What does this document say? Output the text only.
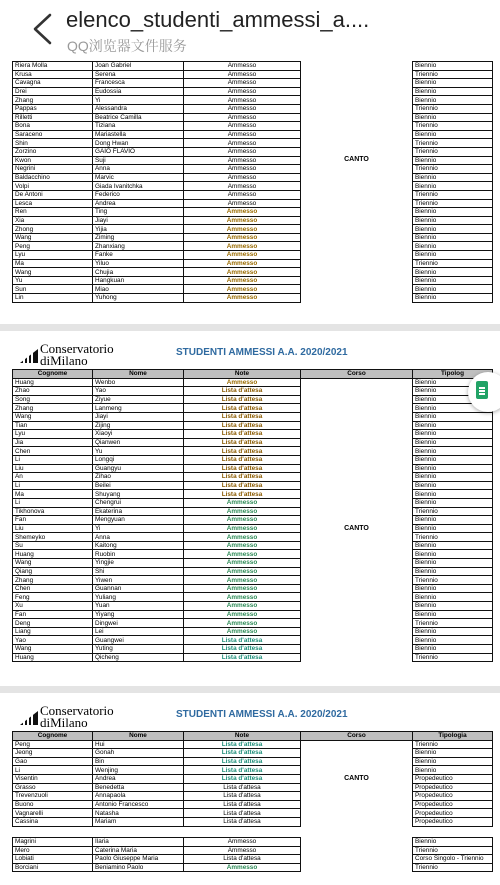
elenco_studenti_ammessi_a....
QQ浏览器文件服务
Riera Molla	Joan Gabriel	Ammesso	CANTO	Biennio
Krusa	Serena	Ammesso		Triennio
Cavagna	Francesca	Ammesso		Biennio
Drei	Eudossia	Ammesso		Biennio
Zhang	Yi	Ammesso		Biennio
Pappas	Alessandra	Ammesso		Triennio
Rilletti	Beatrice Camilla	Ammesso		Biennio
Bona	Tiziana	Ammesso		Triennio
Saraceno	Mariastella	Ammesso		Biennio
Shin	Dong Hwan	Ammesso		Triennio
Zorzino	GAIO FLAVIO	Ammesso		Triennio
Kwon	Suji	Ammesso		Biennio
Negrini	Anna	Ammesso		Triennio
Baldacchino	Marvic	Ammesso		Biennio
Volpi	Giada Ivanitchka	Ammesso		Biennio
De Antoni	Federico	Ammesso		Triennio
Lesca	Andrea	Ammesso		Triennio
Ren	Ting	Ammesso		Biennio
Xia	Jiayi	Ammesso		Biennio
Zhong	Yijia	Ammesso		Biennio
Wang	Ziming	Ammesso		Biennio
Peng	Zhanxiang	Ammesso		Biennio
Lyu	Fanke	Ammesso		Biennio
Ma	Yiluo	Ammesso		Triennio
Wang	Chujia	Ammesso		Biennio
Yu	Hangkuan	Ammesso		Biennio
Sun	Miao	Ammesso		Biennio
Lin	Yuhong	Ammesso		Biennio
Conservatorio
diMilano
STUDENTI AMMESSI A.A. 2020/2021
Cognome	Nome	Note	Corso	Tipolog
Huang	Wenbo	Ammesso	CANTO	Biennio
Zhao	Yao	Lista d'attesa		Biennio
Song	Ziyue	Lista d'attesa		Biennio
Zhang	Lanmeng	Lista d'attesa		Biennio
Wang	Jiayi	Lista d'attesa		Biennio
Tian	Zijing	Lista d'attesa		Biennio
Lyu	Xiaoyi	Lista d'attesa		Biennio
Jia	Qianwen	Lista d'attesa		Biennio
Chen	Yu	Lista d'attesa		Biennio
Li	Longqi	Lista d'attesa		Biennio
Liu	Guangyu	Lista d'attesa		Biennio
An	Zihao	Lista d'attesa		Biennio
Li	Beilei	Lista d'attesa		Biennio
Ma	Shuyang	Lista d'attesa		Biennio
Li	Chengrui	Ammesso		Biennio
Tikhonova	Ekaterina	Ammesso		Triennio
Fan	Mengyuan	Ammesso		Biennio
Liu	Yi	Ammesso		Biennio
Shemeyko	Anna	Ammesso		Triennio
Su	Kaitong	Ammesso		Biennio
Huang	Ruobin	Ammesso		Biennio
Wang	Yingjie	Ammesso		Biennio
Qiang	Shi	Ammesso		Biennio
Zhang	Yiwen	Ammesso		Triennio
Chen	Guannan	Ammesso		Biennio
Feng	Yuliang	Ammesso		Biennio
Xu	Yuan	Ammesso		Biennio
Fan	Yiyang	Ammesso		Biennio
Deng	Dingwei	Ammesso		Triennio
Liang	Lei	Ammesso		Biennio
Yao	Guangwei	Lista d'attesa		Biennio
Wang	Yuting	Lista d'attesa		Biennio
Huang	Qicheng	Lista d'attesa		Triennio
Conservatorio
diMilano
STUDENTI AMMESSI A.A. 2020/2021
Cognome	Nome	Note	Corso	Tipologia
Peng	Hui	Lista d'attesa	CANTO	Triennio
Jeong	Gonah	Lista d'attesa		Biennio
Gao	Bin	Lista d'attesa		Biennio
Li	Wenjing	Lista d'attesa		Biennio
Visentin	Andrea	Lista d'attesa		Propedeutico
Grasso	Benedetta	Lista d'attesa		Propedeutico
Trevenzuoli	Annapaola	Lista d'attesa		Propedeutico
Buono	Antonio Francesco	Lista d'attesa		Propedeutico
Vagnarelli	Natasha	Lista d'attesa		Propedeutico
Cassina	Mariam	Lista d'attesa		Propedeutico
Magrini	Ilaria	Ammesso		Biennio
Mero	Caterina Maria	Ammesso		Triennio
Lobiati	Paolo Giuseppe Maria	Lista d'attesa		Corso Singolo - Triennio
Borciani	Beniamino Paolo	Ammesso		Triennio
